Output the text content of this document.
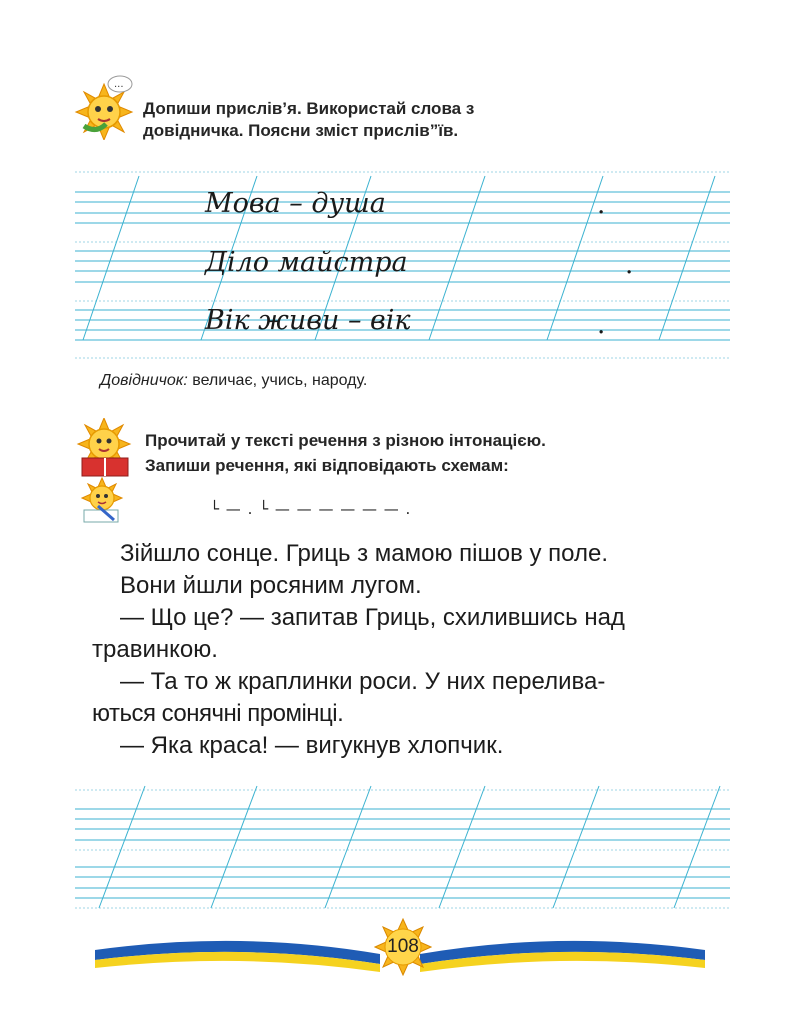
...
Допиши прислів’я. Використай слова з
довідничка. Поясни зміст прислів”їв.
Мова – душа	.
Діло майстра	.
Вік живи – вік	.
Довідничок: величає, учись, народу.
Прочитай у тексті речення з різною інтонацією.
Запиши речення, які відповідають схемам:
└ — . └ — — — — — — .
Зійшло сонце. Гриць з мамою пішов у поле.
Вони йшли росяним лугом.
— Що це? — запитав Гриць, схилившись над
травинкою.
— Та то ж краплинки роси. У них перелива-
ються сонячні промінці.
— Яка краса! — вигукнув хлопчик.
108
